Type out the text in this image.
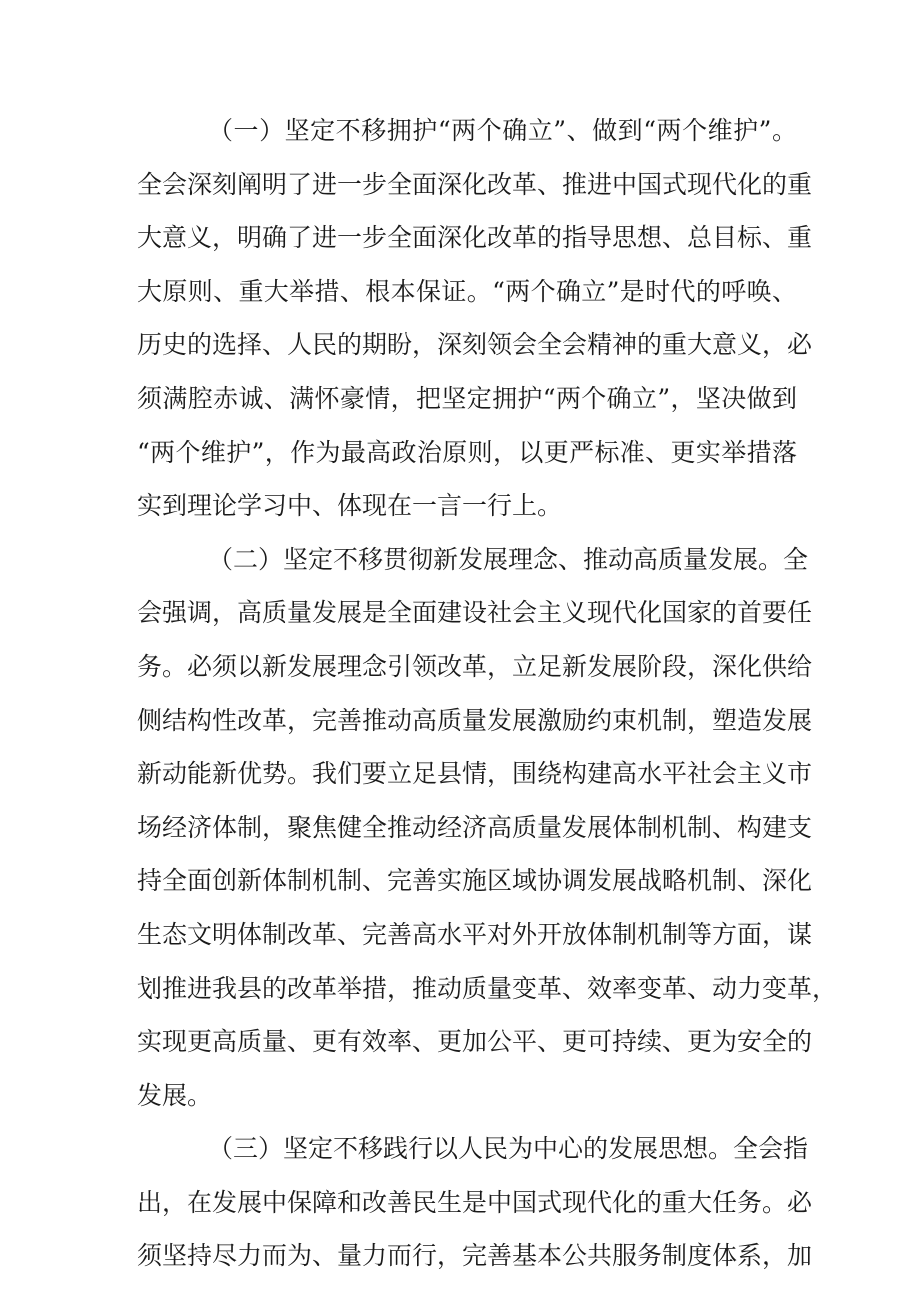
（一）坚定不移拥护“两个确立”、做到“两个维护”。
全会深刻阐明了进一步全面深化改革、推进中国式现代化的重
大意义，明确了进一步全面深化改革的指导思想、总目标、重
大原则、重大举措、根本保证。“两个确立”是时代的呼唤、
历史的选择、人民的期盼，深刻领会全会精神的重大意义，必
须满腔赤诚、满怀豪情，把坚定拥护“两个确立”，坚决做到
“两个维护”，作为最高政治原则，以更严标准、更实举措落
实到理论学习中、体现在一言一行上。
（二）坚定不移贯彻新发展理念、推动高质量发展。全
会强调，高质量发展是全面建设社会主义现代化国家的首要任
务。必须以新发展理念引领改革，立足新发展阶段，深化供给
侧结构性改革，完善推动高质量发展激励约束机制，塑造发展
新动能新优势。我们要立足县情，围绕构建高水平社会主义市
场经济体制，聚焦健全推动经济高质量发展体制机制、构建支
持全面创新体制机制、完善实施区域协调发展战略机制、深化
生态文明体制改革、完善高水平对外开放体制机制等方面，谋
划推进我县的改革举措，推动质量变革、效率变革、动力变革，
实现更高质量、更有效率、更加公平、更可持续、更为安全的
发展。
（三）坚定不移践行以人民为中心的发展思想。全会指
出，在发展中保障和改善民生是中国式现代化的重大任务。必
须坚持尽力而为、量力而行，完善基本公共服务制度体系，加
